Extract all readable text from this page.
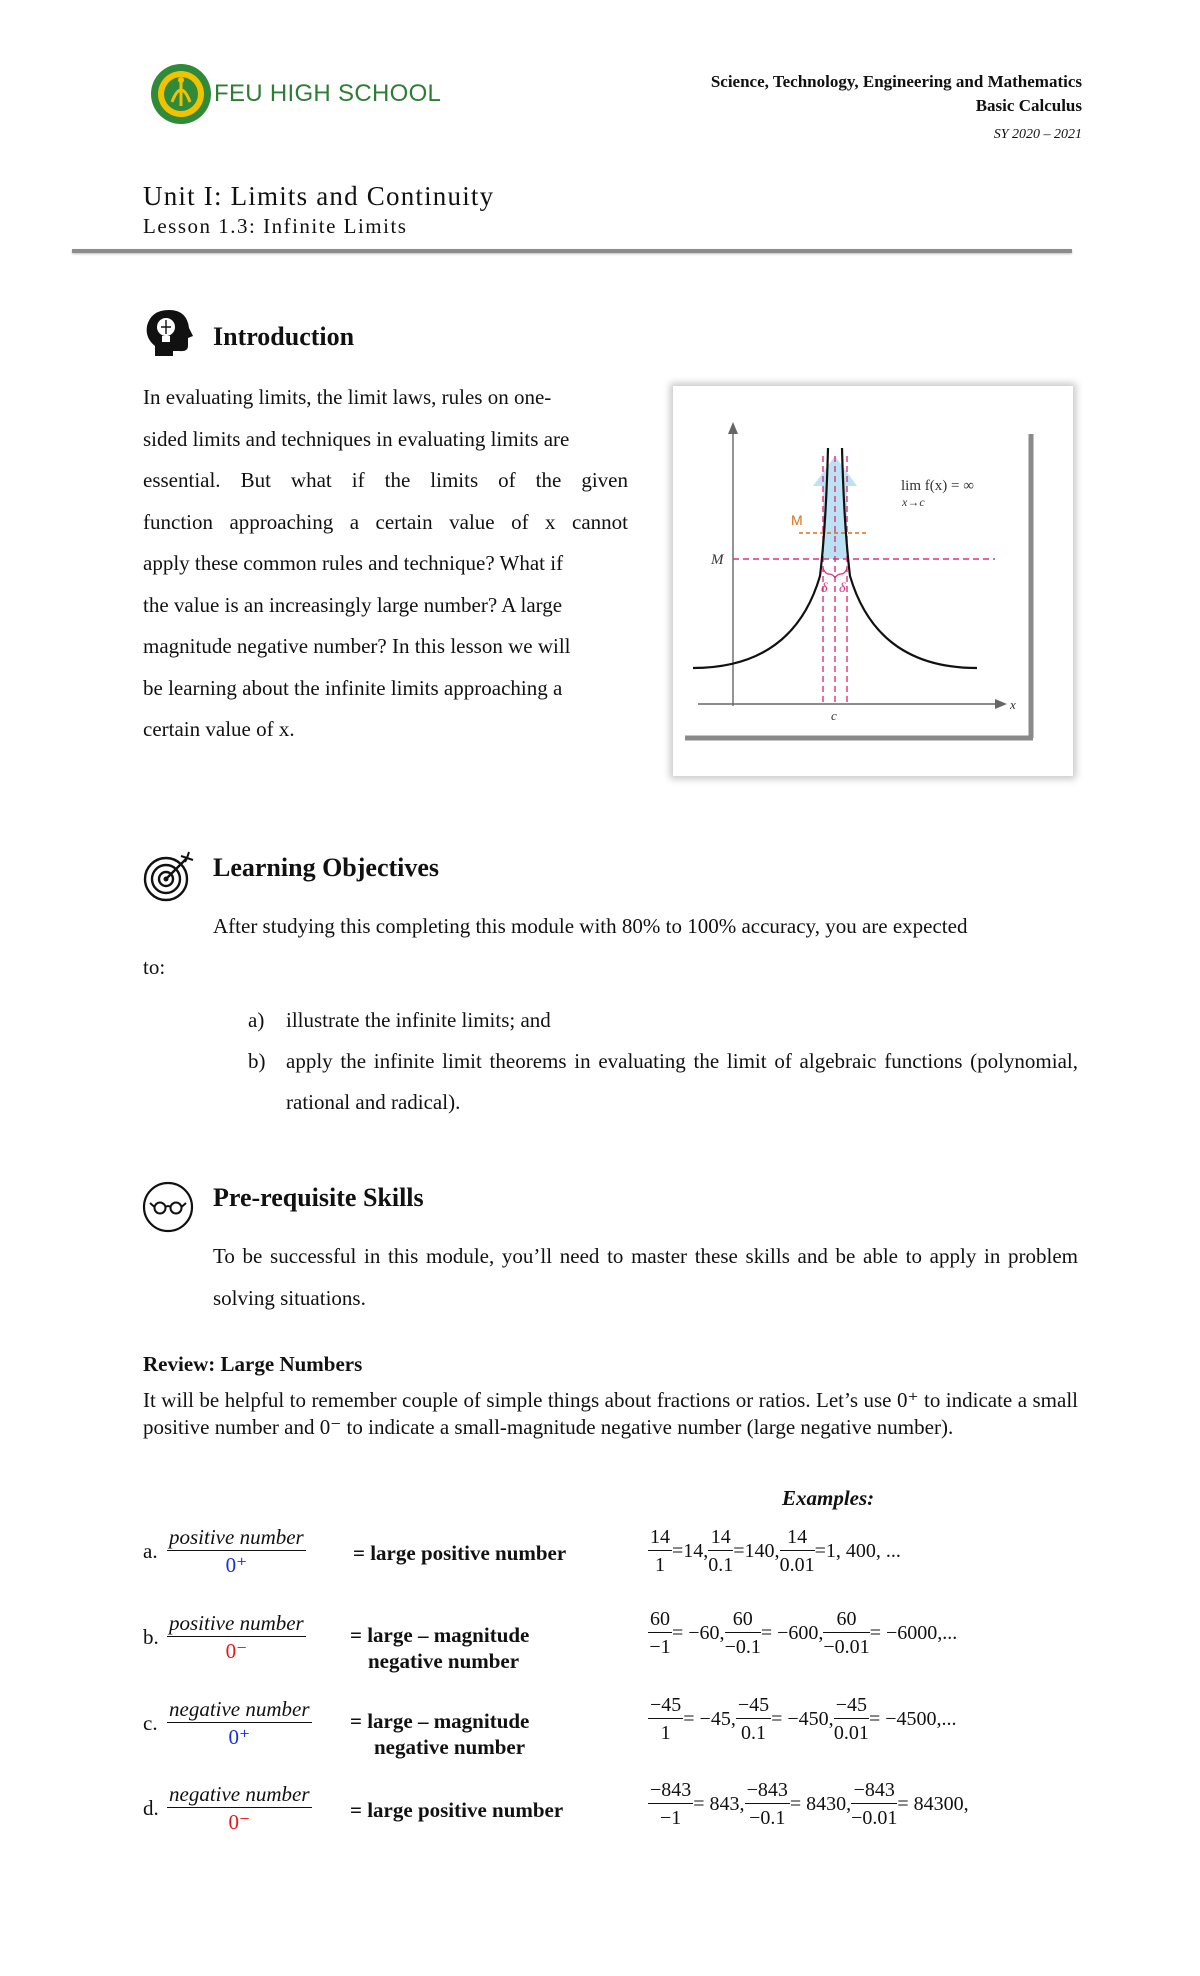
FEU HIGH SCHOOL	Science, Technology, Engineering and Mathematics
Basic Calculus
SY 2020 – 2021
Unit I: Limits and Continuity
Lesson 1.3: Infinite Limits
Introduction
In evaluating limits, the limit laws, rules on one-
sided limits and techniques in evaluating limits are
essential. But what if the limits of the given
function approaching a certain value of x cannot
apply these common rules and technique? What if
the value is an increasingly large number? A large
magnitude negative number? In this lesson we will
be learning about the infinite limits approaching a
certain value of x.
M
M
δ δ
c
x
lim f(x) = ∞
x→c
Learning Objectives
After studying this completing this module with 80% to 100% accuracy, you are expected
to:
a)	illustrate the infinite limits; and
b) apply the infinite limit theorems in evaluating the limit of algebraic functions (polynomial, rational and radical).
Pre-requisite Skills
To be successful in this module, you’ll need to master these skills and be able to apply in problem solving situations.
Review: Large Numbers
It will be helpful to remember couple of simple things about fractions or ratios. Let’s use 0⁺ to indicate a small positive number and 0⁻ to indicate a small-magnitude negative number (large negative number).
Examples:
a. $\frac{\text{positive number}}{0^+}$ = large positive number	$\frac{14}{1} =14$, $\frac{14}{0.1} =140$, $\frac{14}{0.01} =1$, 400, ...
b. $\frac{\text{positive number}}{0^-}$ = large – magnitude
negative number	$\frac{60}{-1} = -60$, $\frac{60}{-0.1} = -600$, $\frac{60}{-0.01} = -6000$,...
c. $\frac{\text{negative number}}{0^+}$ = large – magnitude
negative number	$\frac{-45}{1} = -45$, $\frac{-45}{0.1} = -450$, $\frac{-45}{0.01} = -4500$,...
d. $\frac{\text{negative number}}{0^-}$ = large positive number	$\frac{-843}{-1} = 843$, $\frac{-843}{-0.1} = 8430$, $\frac{-843}{-0.01} = 84300$,
